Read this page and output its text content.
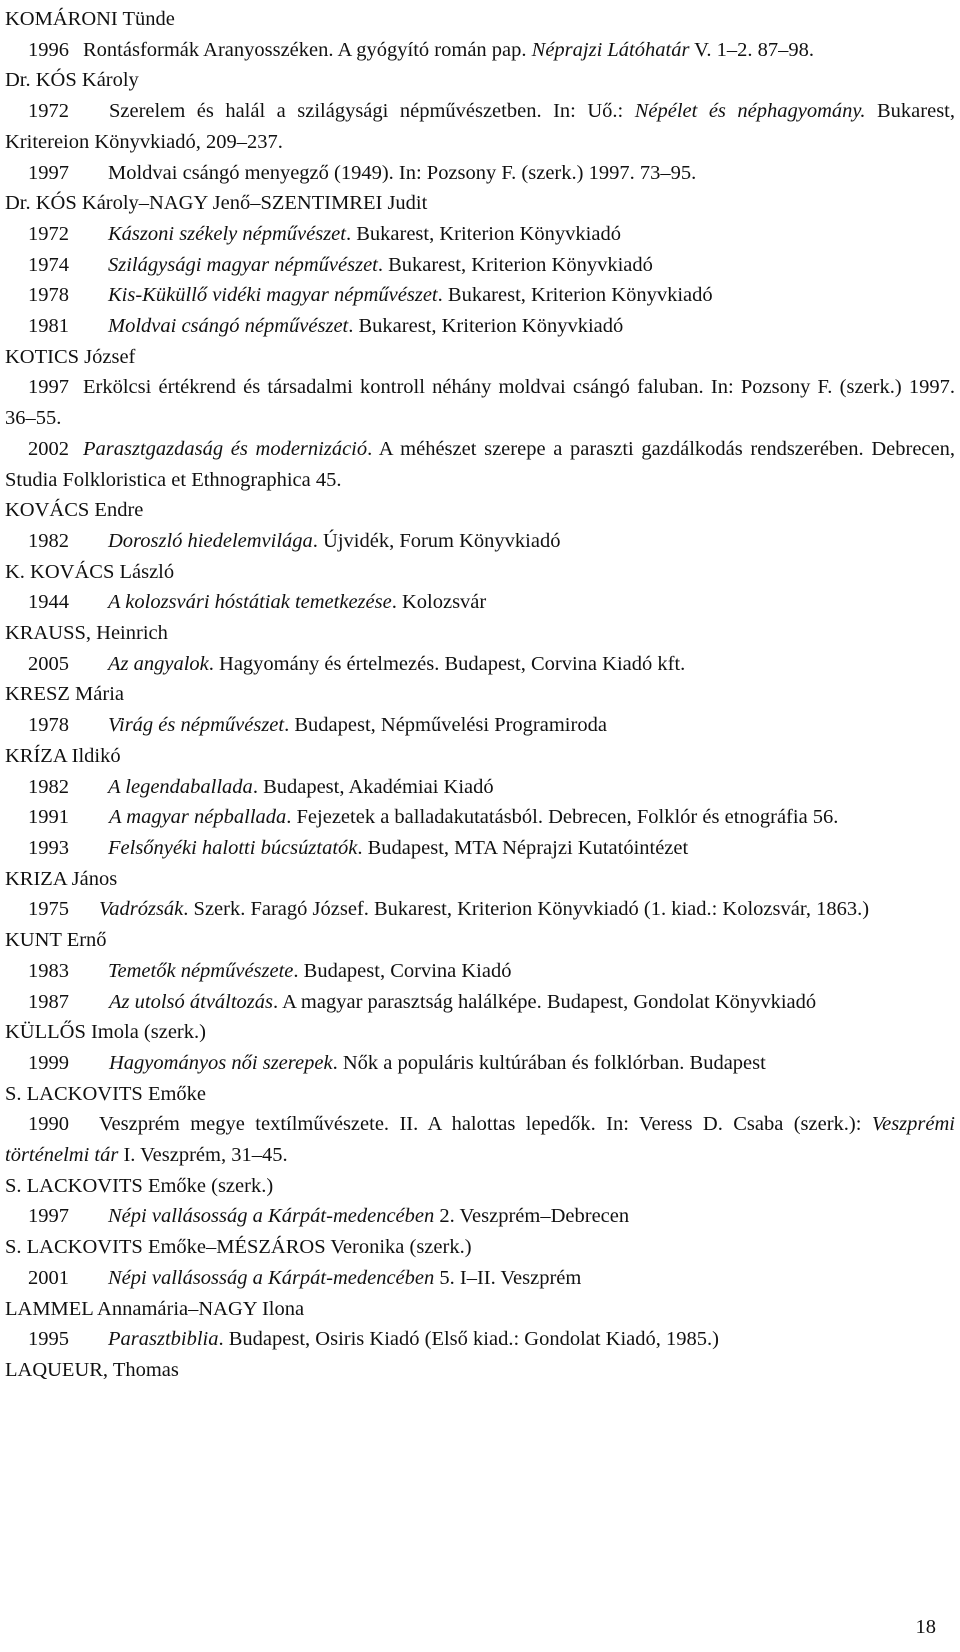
KOMÁRONI Tünde
1996 Rontásformák Aranyosszéken. A gyógyító román pap. Néprajzi Látóhatár V. 1–2. 87–98.
Dr. KÓS Károly
1972 Szerelem és halál a szilágysági népművészetben. In: Uő.: Népélet és néphagyomány. Bukarest, Kritereion Könyvkiadó, 209–237.
1997 Moldvai csángó menyegző (1949). In: Pozsony F. (szerk.) 1997. 73–95.
Dr. KÓS Károly–NAGY Jenő–SZENTIMREI Judit
1972 Kászoni székely népművészet. Bukarest, Kriterion Könyvkiadó
1974 Szilágysági magyar népművészet. Bukarest, Kriterion Könyvkiadó
1978 Kis-Küküllő vidéki magyar népművészet. Bukarest, Kriterion Könyvkiadó
1981 Moldvai csángó népművészet. Bukarest, Kriterion Könyvkiadó
KOTICS József
1997 Erkölcsi értékrend és társadalmi kontroll néhány moldvai csángó faluban. In: Pozsony F. (szerk.) 1997. 36–55.
2002 Parasztgazdaság és modernizáció. A méhészet szerepe a paraszti gazdálkodás rendszerében. Debrecen, Studia Folkloristica et Ethnographica 45.
KOVÁCS Endre
1982 Doroszló hiedelemvilága. Újvidék, Forum Könyvkiadó
K. KOVÁCS László
1944 A kolozsvári hóstátiak temetkezése. Kolozsvár
KRAUSS, Heinrich
2005 Az angyalok. Hagyomány és értelmezés. Budapest, Corvina Kiadó kft.
KRESZ Mária
1978 Virág és népművészet. Budapest, Népművelési Programiroda
KRÍZA Ildikó
1982 A legendaballada. Budapest, Akadémiai Kiadó
1991 A magyar népballada. Fejezetek a balladakutatásból. Debrecen, Folklór és etnográfia 56.
1993 Felsőnyéki halotti búcsúztatók. Budapest, MTA Néprajzi Kutatóintézet
KRIZA János
1975 Vadrózsák. Szerk. Faragó József. Bukarest, Kriterion Könyvkiadó (1. kiad.: Kolozsvár, 1863.)
KUNT Ernő
1983 Temetők népművészete. Budapest, Corvina Kiadó
1987 Az utolsó átváltozás. A magyar parasztság halálképe. Budapest, Gondolat Könyvkiadó
KÜLLŐS Imola (szerk.)
1999 Hagyományos női szerepek. Nők a populáris kultúrában és folklórban. Budapest
S. LACKOVITS Emőke
1990 Veszprém megye textílművészete. II. A halottas lepedők. In: Veress D. Csaba (szerk.): Veszprémi történelmi tár I. Veszprém, 31–45.
S. LACKOVITS Emőke (szerk.)
1997 Népi vallásosság a Kárpát-medencében 2. Veszprém–Debrecen
S. LACKOVITS Emőke–MÉSZÁROS Veronika (szerk.)
2001 Népi vallásosság a Kárpát-medencében 5. I–II. Veszprém
LAMMEL Annamária–NAGY Ilona
1995 Parasztbiblia. Budapest, Osiris Kiadó (Első kiad.: Gondolat Kiadó, 1985.)
LAQUEUR, Thomas
18
